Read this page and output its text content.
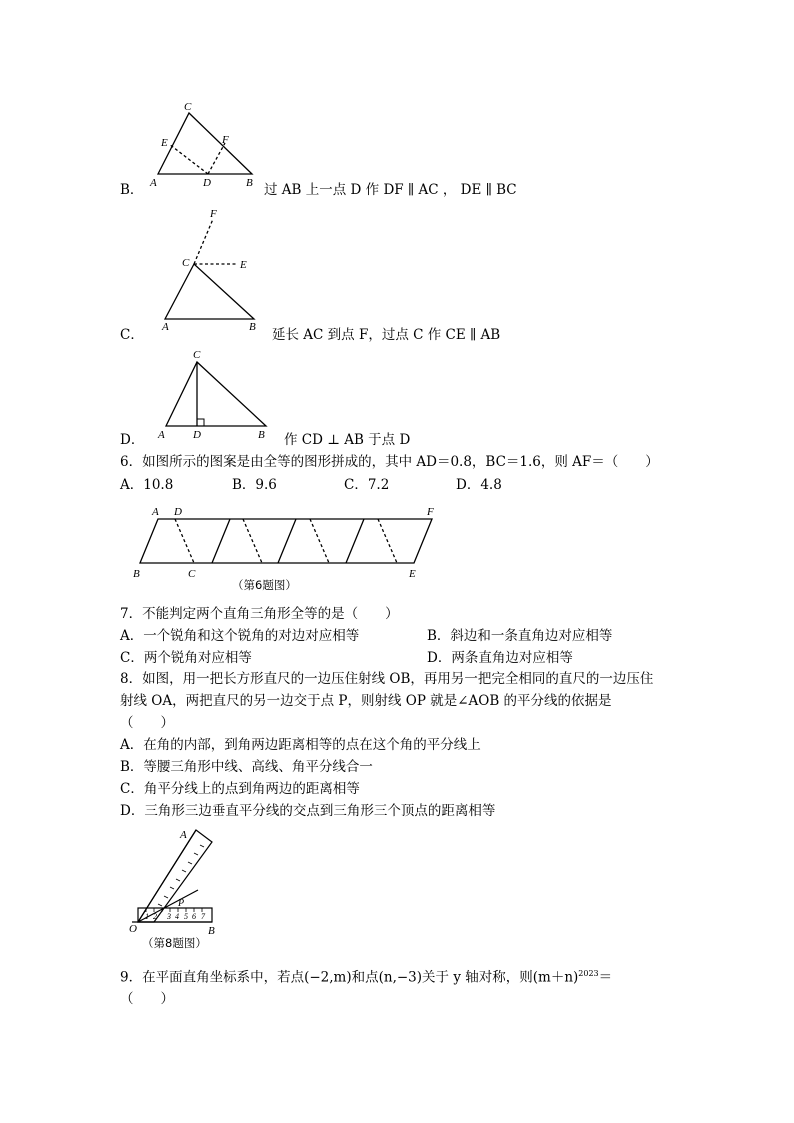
C
E	F
A	D	B
B．	过 AB 上一点 D 作 DF ∥ AC ， DE ∥ BC
F
C	E
A	B
C．	延长 AC 到点 F，过点 C 作 CE ∥ AB
C
A	D	B
D．	作 CD ⊥ AB 于点 D
6．如图所示的图案是由全等的图形拼成的，其中 AD＝0.8，BC＝1.6，则 AF＝（　　）
A．10.8	B．9.6	C．7.2	D．4.8
A D	F
B	C	E
（第6题图）
7．不能判定两个直角三角形全等的是（　　）
A．一个锐角和这个锐角的对边对应相等	B．斜边和一条直角边对应相等
C．两个锐角对应相等	D．两条直角边对应相等
8．如图，用一把长方形直尺的一边压住射线 OB，再用另一把完全相同的直尺的一边压住
射线 OA，两把直尺的另一边交于点 P，则射线 OP 就是∠AOB 的平分线的依据是
（　　）
A．在角的内部，到角两边距离相等的点在这个角的平分线上
B．等腰三角形中线、高线、角平分线合一
C．角平分线上的点到角两边的距离相等
D．三角形三边垂直平分线的交点到三角形三个顶点的距离相等
1 2 3 4 5 6 7
A
P
O	B
（第8题图）
9．在平面直角坐标系中，若点(−2,m)和点(n,−3)关于 y 轴对称，则$(m+n)^{2023}=$
（　　）
